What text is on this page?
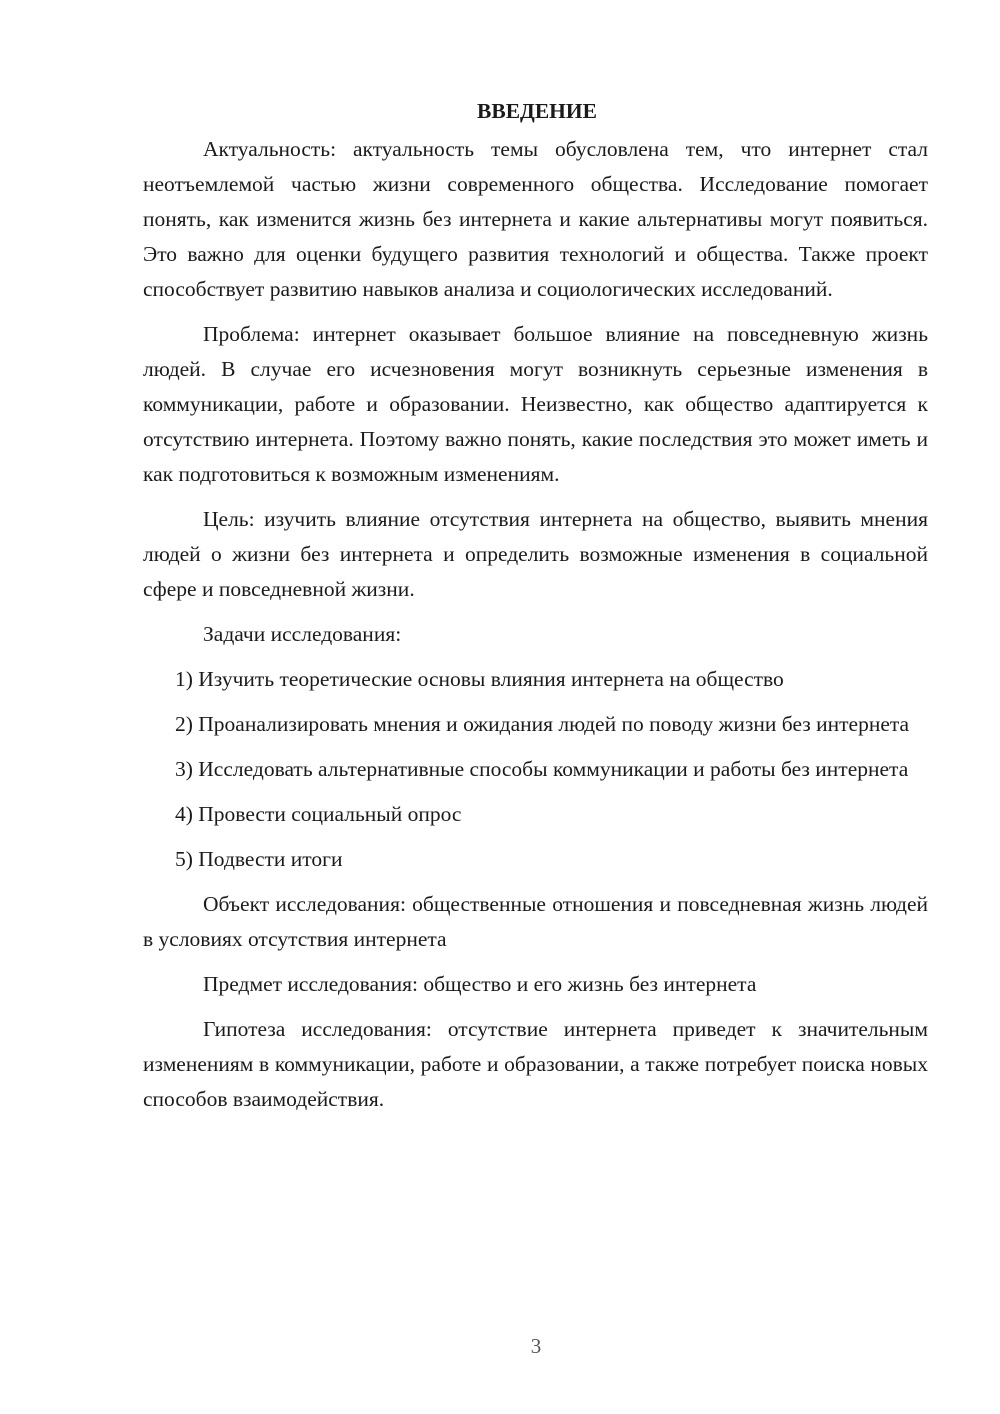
ВВЕДЕНИЕ

Актуальность: актуальность темы обусловлена тем, что интернет стал неотъемлемой частью жизни современного общества. Исследование помогает понять, как изменится жизнь без интернета и какие альтернативы могут появиться. Это важно для оценки будущего развития технологий и общества. Также проект способствует развитию навыков анализа и социологических исследований.

Проблема: интернет оказывает большое влияние на повседневную жизнь людей. В случае его исчезновения могут возникнуть серьезные изменения в коммуникации, работе и образовании. Неизвестно, как общество адаптируется к отсутствию интернета. Поэтому важно понять, какие последствия это может иметь и как подготовиться к возможным изменениям.

Цель: изучить влияние отсутствия интернета на общество, выявить мнения людей о жизни без интернета и определить возможные изменения в социальной сфере и повседневной жизни.

Задачи исследования:

1) Изучить теоретические основы влияния интернета на общество

2) Проанализировать мнения и ожидания людей по поводу жизни без интернета

3) Исследовать альтернативные способы коммуникации и работы без интернета

4) Провести социальный опрос

5) Подвести итоги

Объект исследования: общественные отношения и повседневная жизнь людей в условиях отсутствия интернета

Предмет исследования: общество и его жизнь без интернета

Гипотеза исследования: отсутствие интернета приведет к значительным изменениям в коммуникации, работе и образовании, а также потребует поиска новых способов взаимодействия.

3
